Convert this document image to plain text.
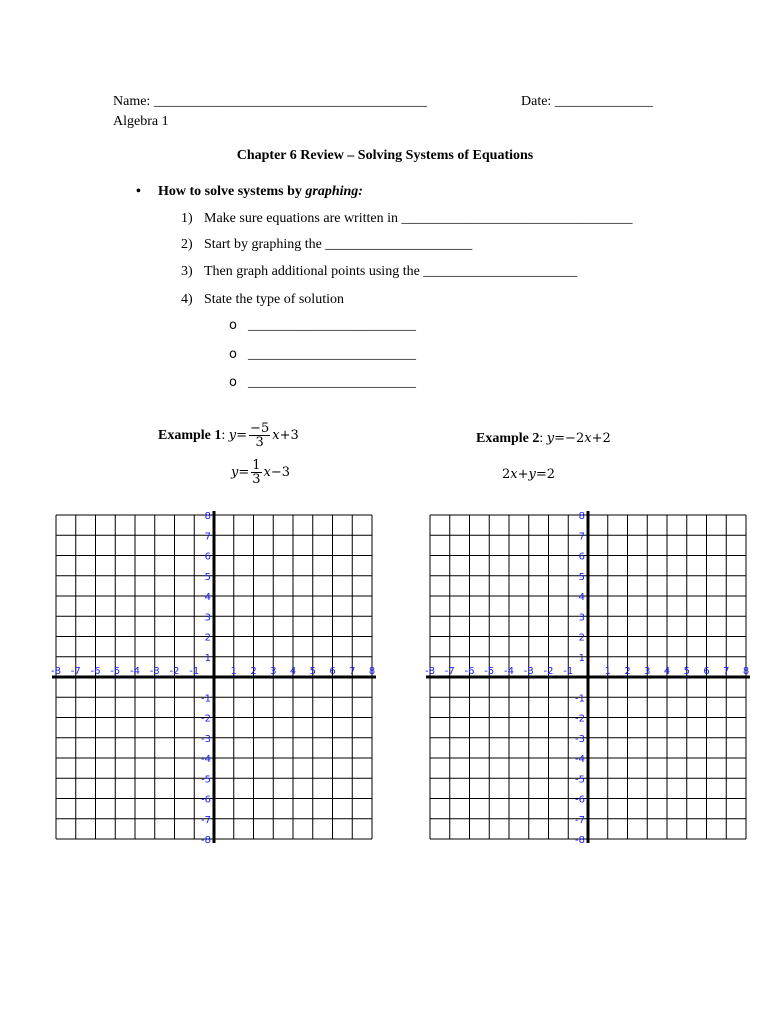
Name: _______________________________________	Date: ______________
Algebra 1
Chapter 6 Review – Solving Systems of Equations
• How to solve systems by graphing:
1) Make sure equations are written in _________________________________
2) Start by graphing the _____________________
3) Then graph additional points using the ______________________
4) State the type of solution
o ________________________
o ________________________
o ________________________
Example 1: $y= \frac{-5}{3} x+3$
$y= \frac{1}{3} x-3$
Example 2: y=−2x+2
2x+y=2
-8 -7 -6 -5 -4 -3 -2 -1	1 2 3 4 5 6 7 8
8
7
6
5
4
3
2
1
-1
-2
-3
-4
-5
-6
-7
-8
-8 -7 -6 -5 -4 -3 -2 -1	1 2 3 4 5 6 7 8
8
7
6
5
4
3
2
1
-1
-2
-3
-4
-5
-6
-7
-8
